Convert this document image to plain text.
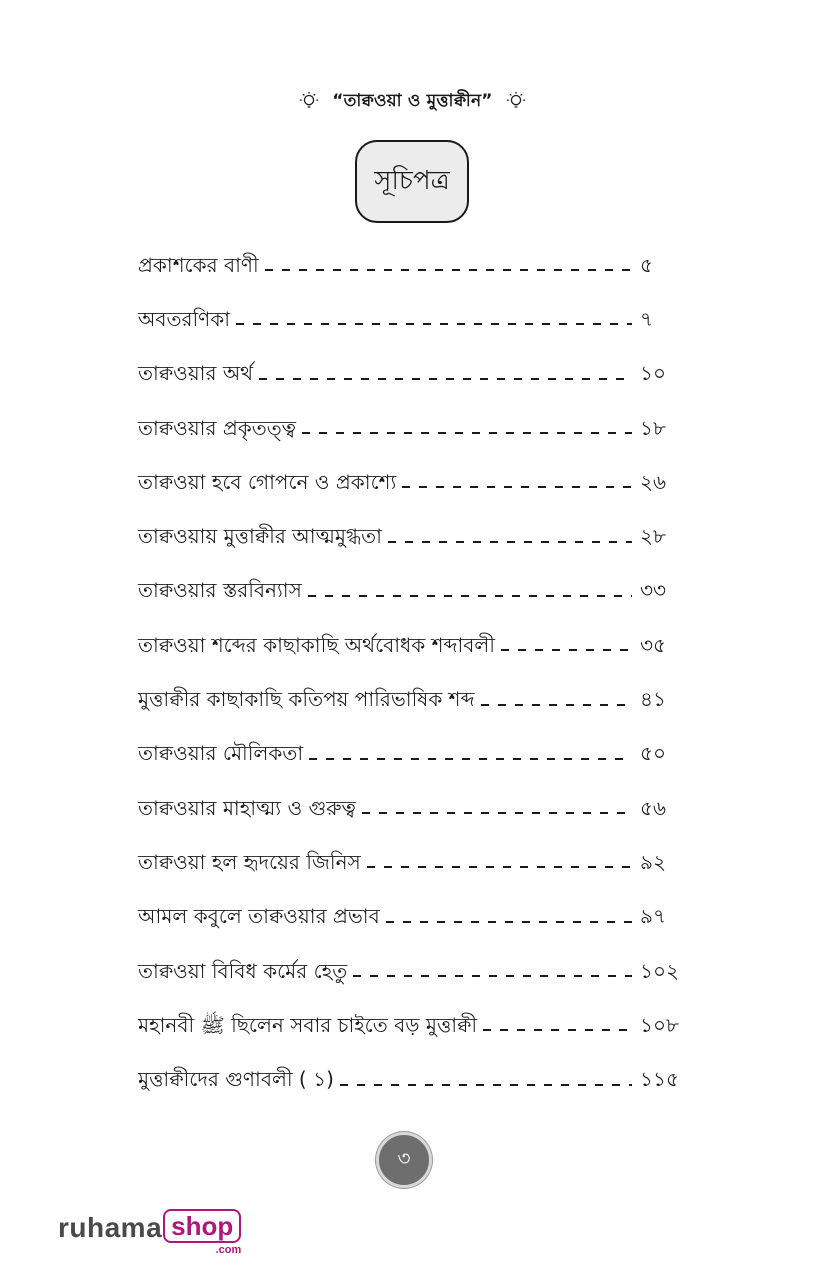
“তাক্বওয়া ও মুত্তাক্বীন”
সূচিপত্র
প্রকাশকের বাণী	৫
অবতরণিকা	৭
তাক্বওয়ার অর্থ	১০
তাক্বওয়ার প্রকৃতত্ত্ব	১৮
তাক্বওয়া হবে গোপনে ও প্রকাশ্যে	২৬
তাক্বওয়ায় মুত্তাক্বীর আত্মমুগ্ধতা	২৮
তাক্বওয়ার স্তরবিন্যাস	৩৩
তাক্বওয়া শব্দের কাছাকাছি অর্থবোধক শব্দাবলী	৩৫
মুত্তাক্বীর কাছাকাছি কতিপয় পারিভাষিক শব্দ	৪১
তাক্বওয়ার মৌলিকতা	৫০
তাক্বওয়ার মাহাত্ম্য ও গুরুত্ব	৫৬
তাক্বওয়া হল হৃদয়ের জিনিস	৯২
আমল কবুলে তাক্বওয়ার প্রভাব	৯৭
তাক্বওয়া বিবিধ কর্মের হেতু	১০২
মহানবী ﷺ ছিলেন সবার চাইতে বড় মুত্তাক্বী	১০৮
মুত্তাক্বীদের গুণাবলী ( ১)	১১৫
৩
ruhama shop
.com
